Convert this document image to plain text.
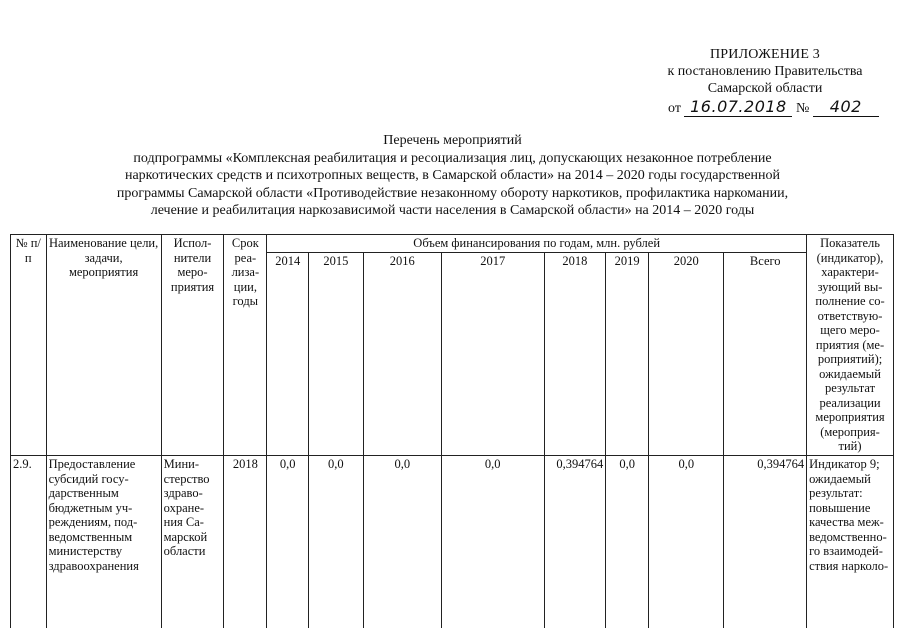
ПРИЛОЖЕНИЕ 3
к постановлению Правительства
Самарской области
от 16.07.2018 № 402
Перечень мероприятий
подпрограммы «Комплексная реабилитация и ресоциализация лиц, допускающих незаконное потребление
наркотических средств и психотропных веществ, в Самарской области» на 2014 – 2020 годы государственной
программы Самарской области «Противодействие незаконному обороту наркотиков, профилактика наркомании,
лечение и реабилитация наркозависимой части населения в Самарской области» на 2014 – 2020 годы
№ п/п	Наименование цели, задачи, мероприятия	Испол-нители меро-приятия	Срок реа-лиза-ции, годы	Объем финансирования по годам, млн. рублей								Показатель (индикатор), характери-зующий вы-полнение со-ответствую-щего меро-приятия (ме-роприятий); ожидаемый результат реализации мероприятия (мероприя-тий)
				2014	2015	2016	2017	2018	2019	2020	Всего	
2.9.	Предоставление субсидий госу-дарственным бюджетным уч-реждениям, под-ведомственным министерству здравоохранения	Мини-стерство здраво-охране-ния Са-марской области	2018	0,0	0,0	0,0	0,0	0,394764	0,0	0,0	0,394764	Индикатор 9; ожидаемый результат: повышение качества меж-ведомственно-го взаимодей-ствия нарколо-
